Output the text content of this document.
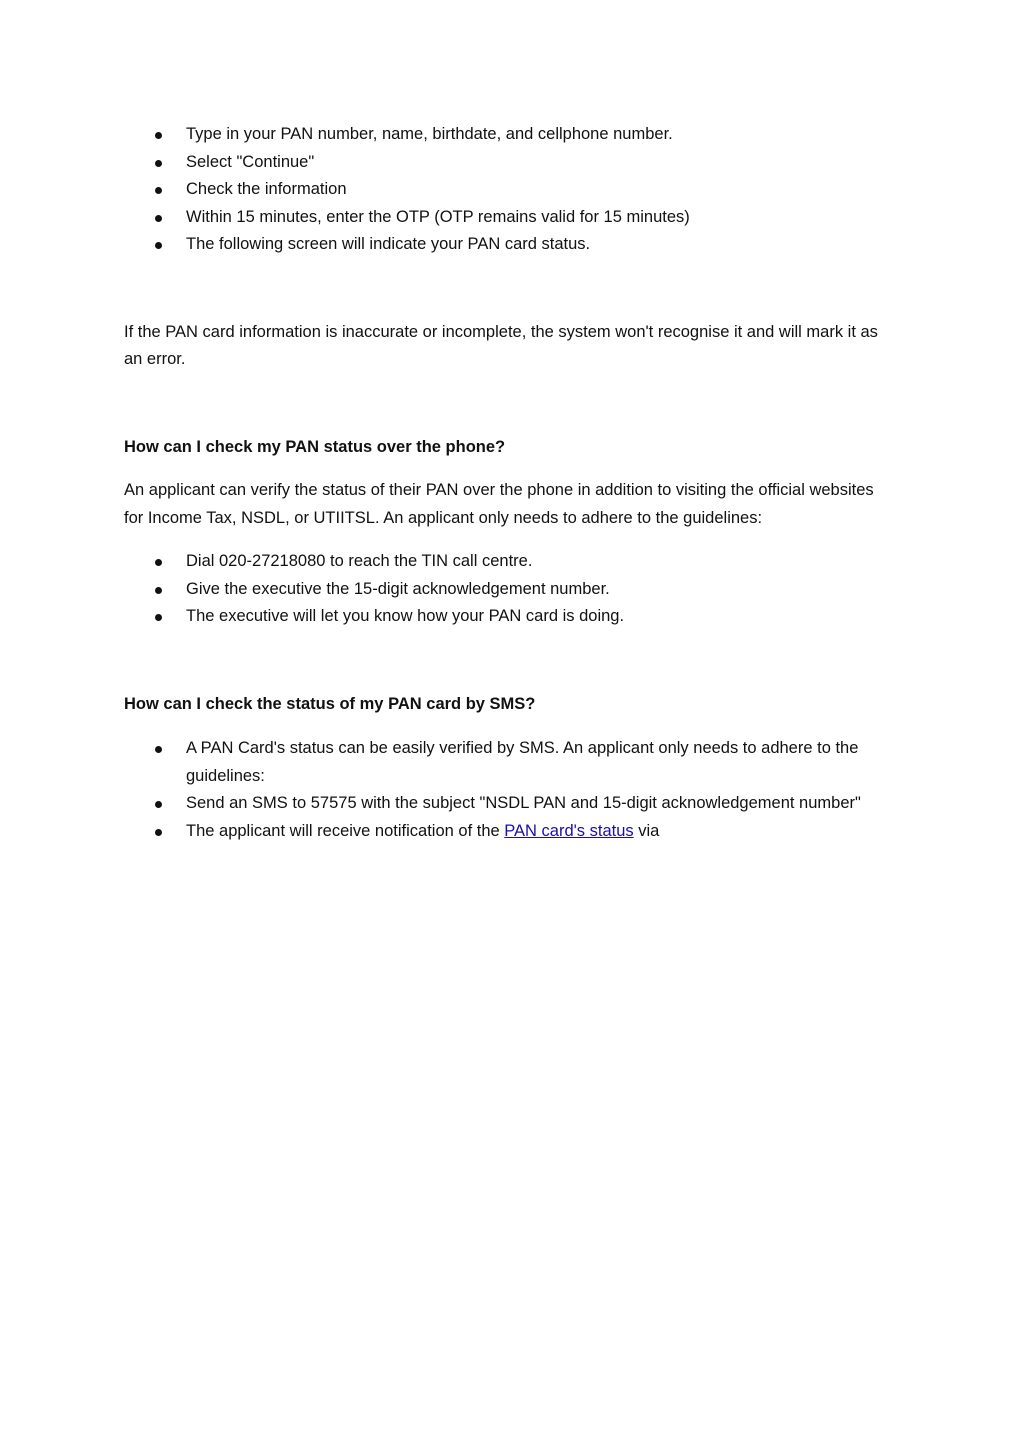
Type in your PAN number, name, birthdate, and cellphone number.
Select "Continue"
Check the information
Within 15 minutes, enter the OTP (OTP remains valid for 15 minutes)
The following screen will indicate your PAN card status.

If the PAN card information is inaccurate or incomplete, the system won't recognise it and will mark it as an error.

How can I check my PAN status over the phone?

An applicant can verify the status of their PAN over the phone in addition to visiting the official websites for Income Tax, NSDL, or UTIITSL. An applicant only needs to adhere to the guidelines:

Dial 020-27218080 to reach the TIN call centre.
Give the executive the 15-digit acknowledgement number.
The executive will let you know how your PAN card is doing.

How can I check the status of my PAN card by SMS?

A PAN Card's status can be easily verified by SMS. An applicant only needs to adhere to the guidelines:
Send an SMS to 57575 with the subject "NSDL PAN and 15-digit acknowledgement number"
The applicant will receive notification of the PAN card's status via
